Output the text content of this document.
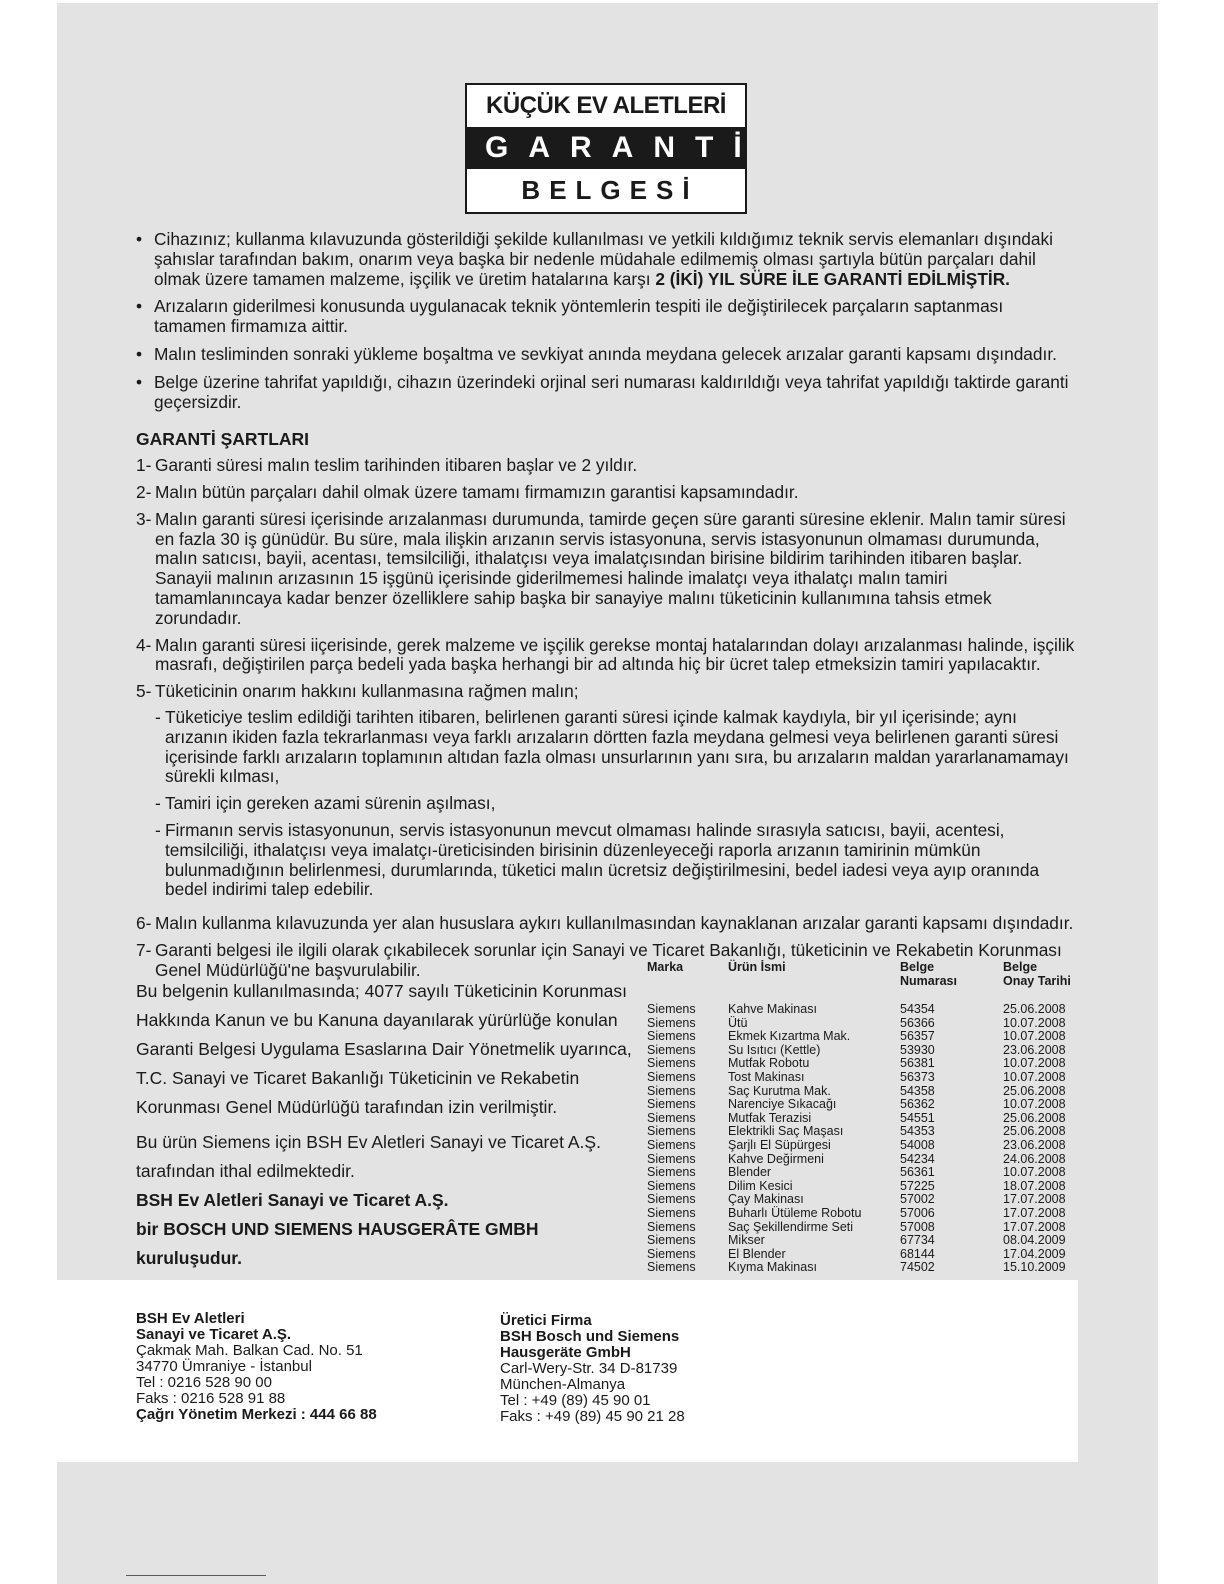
KÜÇÜK EV ALETLERİ
GARANTİ
BELGESİ
• Cihazınız; kullanma kılavuzunda gösterildiği şekilde kullanılması ve yetkili kıldığımız teknik servis elemanları dışındaki şahıslar tarafından bakım, onarım veya başka bir nedenle müdahale edilmemiş olması şartıyla bütün parçaları dahil olmak üzere tamamen malzeme, işçilik ve üretim hatalarına karşı 2 (İKİ) YIL SÜRE İLE GARANTİ EDİLMİŞTİR.
• Arızaların giderilmesi konusunda uygulanacak teknik yöntemlerin tespiti ile değiştirilecek parçaların saptanması tamamen firmamıza aittir.
• Malın tesliminden sonraki yükleme boşaltma ve sevkiyat anında meydana gelecek arızalar garanti kapsamı dışındadır.
• Belge üzerine tahrifat yapıldığı, cihazın üzerindeki orjinal seri numarası kaldırıldığı veya tahrifat yapıldığı taktirde garanti geçersizdir.
GARANTİ ŞARTLARI
1- Garanti süresi malın teslim tarihinden itibaren başlar ve 2 yıldır.
2- Malın bütün parçaları dahil olmak üzere tamamı firmamızın garantisi kapsamındadır.
3- Malın garanti süresi içerisinde arızalanması durumunda, tamirde geçen süre garanti süresine eklenir. Malın tamir süresi en fazla 30 iş günüdür. Bu süre, mala ilişkin arızanın servis istasyonuna, servis istasyonunun olmaması durumunda, malın satıcısı, bayii, acentası, temsilciliği, ithalatçısı veya imalatçısından birisine bildirim tarihinden itibaren başlar. Sanayii malının arızasının 15 işgünü içerisinde giderilmemesi halinde imalatçı veya ithalatçı malın tamiri tamamlanıncaya kadar benzer özelliklere sahip başka bir sanayiye malını tüketicinin kullanımına tahsis etmek zorundadır.
4- Malın garanti süresi iiçerisinde, gerek malzeme ve işçilik gerekse montaj hatalarından dolayı arızalanması halinde, işçilik masrafı, değiştirilen parça bedeli yada başka herhangi bir ad altında hiç bir ücret talep etmeksizin tamiri yapılacaktır.
5- Tüketicinin onarım hakkını kullanmasına rağmen malın;
- Tüketiciye teslim edildiği tarihten itibaren, belirlenen garanti süresi içinde kalmak kaydıyla, bir yıl içerisinde; aynı arızanın ikiden fazla tekrarlanması veya farklı arızaların dörtten fazla meydana gelmesi veya belirlenen garanti süresi içerisinde farklı arızaların toplamının altıdan fazla olması unsurlarının yanı sıra, bu arızaların maldan yararlanamamayı sürekli kılması,
- Tamiri için gereken azami sürenin aşılması,
- Firmanın servis istasyonunun, servis istasyonunun mevcut olmaması halinde sırasıyla satıcısı, bayii, acentesi, temsilciliği, ithalatçısı veya imalatçı-üreticisinden birisinin düzenleyeceği raporla arızanın tamirinin mümkün bulunmadığının belirlenmesi, durumlarında, tüketici malın ücretsiz değiştirilmesini, bedel iadesi veya ayıp oranında bedel indirimi talep edebilir.
6- Malın kullanma kılavuzunda yer alan hususlara aykırı kullanılmasından kaynaklanan arızalar garanti kapsamı dışındadır.
7- Garanti belgesi ile ilgili olarak çıkabilecek sorunlar için Sanayi ve Ticaret Bakanlığı, tüketicinin ve Rekabetin Korunması Genel Müdürlüğü'ne başvurulabilir.

Bu belgenin kullanılmasında; 4077 sayılı Tüketicinin Korunması
Hakkında Kanun ve bu Kanuna dayanılarak yürürlüğe konulan
Garanti Belgesi Uygulama Esaslarına Dair Yönetmelik uyarınca,
T.C. Sanayi ve Ticaret Bakanlığı Tüketicinin ve Rekabetin
Korunması Genel Müdürlüğü tarafından izin verilmiştir.

Bu ürün Siemens için BSH Ev Aletleri Sanayi ve Ticaret A.Ş.
tarafından ithal edilmektedir.

BSH Ev Aletleri Sanayi ve Ticaret A.Ş.
bir BOSCH UND SIEMENS HAUSGERÂTE GMBH
kuruluşudur.

Marka	Ürün İsmi	Belge
Numarası
Belge
Onay Tarihi
Siemens	Kahve Makinası	54354	25.06.2008
Siemens	Ütü	56366	10.07.2008
Siemens	Ekmek Kızartma Mak.	56357	10.07.2008
Siemens	Su Isıtıcı (Kettle)	53930	23.06.2008
Siemens	Mutfak Robotu	56381	10.07.2008
Siemens	Tost Makinası	56373	10.07.2008
Siemens	Saç Kurutma Mak.	54358	25.06.2008
Siemens	Narenciye Sıkacağı	56362	10.07.2008
Siemens	Mutfak Terazisi	54551	25.06.2008
Siemens	Elektrikli Saç Maşası	54353	25.06.2008
Siemens	Şarjlı El Süpürgesi	54008	23.06.2008
Siemens	Kahve Değirmeni	54234	24.06.2008
Siemens	Blender	56361	10.07.2008
Siemens	Dilim Kesici	57225	18.07.2008
Siemens	Çay Makinası	57002	17.07.2008
Siemens	Buharlı Ütüleme Robotu	57006	17.07.2008
Siemens	Saç Şekillendirme Seti	57008	17.07.2008
Siemens	Mikser	67734	08.04.2009
Siemens	El Blender	68144	17.04.2009
Siemens	Kıyma Makinası	74502	15.10.2009
BSH Ev Aletleri
Sanayi ve Ticaret A.Ş.
Çakmak Mah. Balkan Cad. No. 51
34770 Ümraniye - İstanbul
Tel : 0216 528 90 00
Faks : 0216 528 91 88
Çağrı Yönetim Merkezi : 444 66 88
Üretici Firma
BSH Bosch und Siemens
Hausgeräte GmbH
Carl-Wery-Str. 34 D-81739
München-Almanya
Tel : +49 (89) 45 90 01
Faks : +49 (89) 45 90 21 28
